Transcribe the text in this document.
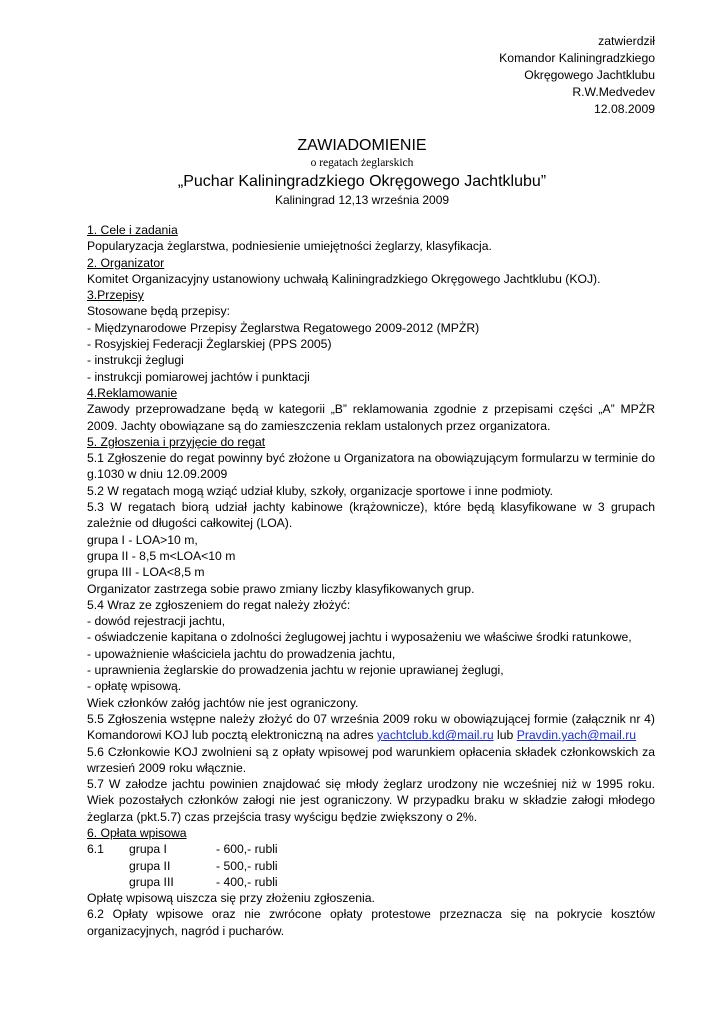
zatwierdził
Komandor Kaliningradzkiego
Okręgowego Jachtklubu
R.W.Medvedev
12.08.2009
ZAWIADOMIENIE
o regatach żeglarskich
„Puchar Kaliningradzkiego Okręgowego Jachtklubu”
Kaliningrad 12,13 września 2009

1. Cele i zadania

Popularyzacja żeglarstwa, podniesienie umiejętności żeglarzy, klasyfikacja.

2. Organizator

Komitet Organizacyjny ustanowiony uchwałą Kaliningradzkiego Okręgowego Jachtklubu (KOJ).

3.Przepisy

Stosowane będą przepisy:

- Międzynarodowe Przepisy Żeglarstwa Regatowego 2009-2012 (MPŻR)

- Rosyjskiej Federacji Żeglarskiej (PPS 2005)

- instrukcji żeglugi

- instrukcji pomiarowej jachtów i punktacji

4.Reklamowanie

Zawody przeprowadzane będą w kategorii „B” reklamowania zgodnie z przepisami części „A” MPŻR 2009. Jachty obowiązane są do zamieszczenia reklam ustalonych przez organizatora.

5. Zgłoszenia i przyjęcie do regat

5.1 Zgłoszenie do regat powinny być złożone u Organizatora na obowiązującym formularzu w terminie do g.1030 w dniu 12.09.2009

5.2 W regatach mogą wziąć udział kluby, szkoły, organizacje sportowe i inne podmioty.

5.3 W regatach biorą udział jachty kabinowe (krążownicze), które będą klasyfikowane w 3 grupach zależnie od długości całkowitej (LOA).

grupa I - LOA>10 m,

grupa II - 8,5 m<LOA<10 m

grupa III - LOA<8,5 m

Organizator zastrzega sobie prawo zmiany liczby klasyfikowanych grup.

5.4 Wraz ze zgłoszeniem do regat należy złożyć:

- dowód rejestracji jachtu,

- oświadczenie kapitana o zdolności żeglugowej jachtu i wyposażeniu we właściwe środki ratunkowe,

- upoważnienie właściciela jachtu do prowadzenia jachtu,

- uprawnienia żeglarskie do prowadzenia jachtu w rejonie uprawianej żeglugi,

- opłatę wpisową.

Wiek członków załóg jachtów nie jest ograniczony.

5.5 Zgłoszenia wstępne należy złożyć do 07 września 2009 roku w obowiązującej formie (załącznik nr 4) Komandorowi KOJ lub pocztą elektroniczną na adres yachtclub.kd@mail.ru lub Pravdin.yach@mail.ru

5.6 Członkowie KOJ zwolnieni są z opłaty wpisowej pod warunkiem opłacenia składek członkowskich za wrzesień 2009 roku włącznie.

5.7 W załodze jachtu powinien znajdować się młody żeglarz urodzony nie wcześniej niż w 1995 roku. Wiek pozostałych członków załogi nie jest ograniczony. W przypadku braku w składzie załogi młodego żeglarza (pkt.5.7) czas przejścia trasy wyścigu będzie zwiększony o 2%.

6. Opłata wpisowa

6.1 grupa I	- 600,- rubli
grupa II	- 500,- rubli
grupa III	- 400,- rubli

Opłatę wpisową uiszcza się przy złożeniu zgłoszenia.

6.2 Opłaty wpisowe oraz nie zwrócone opłaty protestowe przeznacza się na pokrycie kosztów organizacyjnych, nagród i pucharów.
